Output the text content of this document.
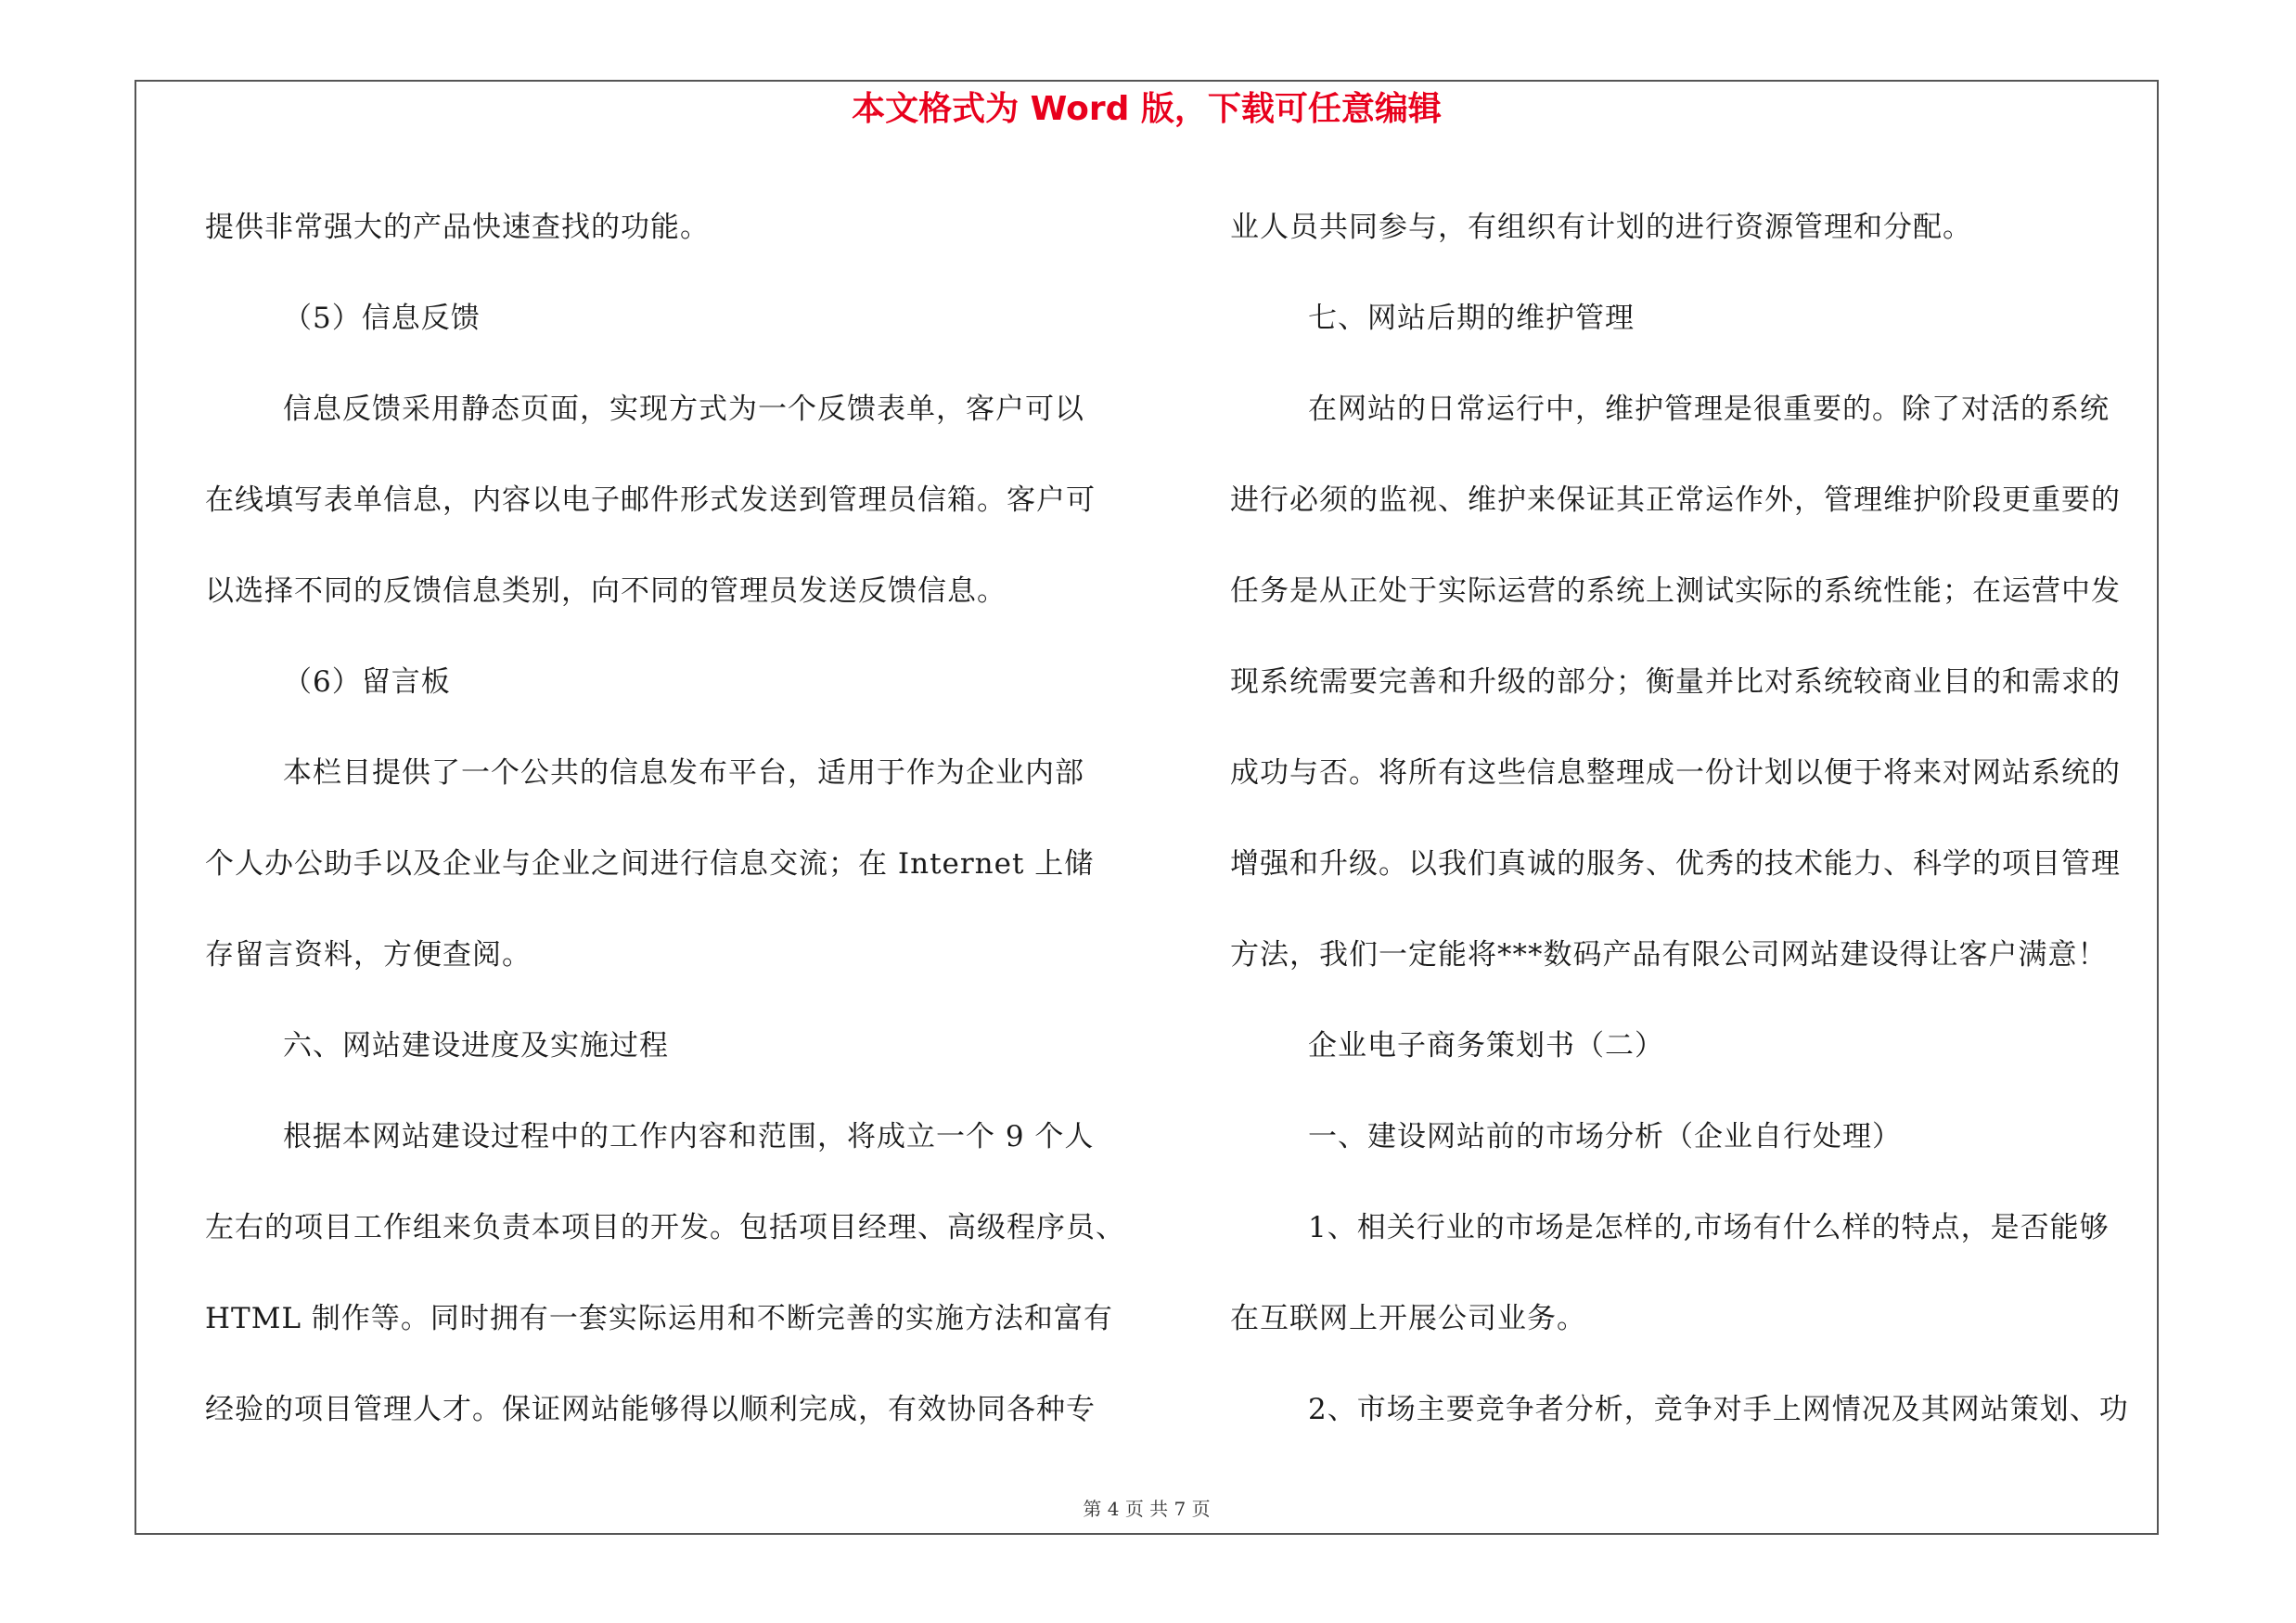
本文格式为 Word 版，下载可任意编辑

提供非常强大的产品快速查找的功能。

（5）信息反馈

信息反馈采用静态页面，实现方式为一个反馈表单，客户可以

在线填写表单信息，内容以电子邮件形式发送到管理员信箱。客户可

以选择不同的反馈信息类别，向不同的管理员发送反馈信息。

（6）留言板

本栏目提供了一个公共的信息发布平台，适用于作为企业内部

个人办公助手以及企业与企业之间进行信息交流；在 Internet 上储

存留言资料，方便查阅。

六、网站建设进度及实施过程

根据本网站建设过程中的工作内容和范围，将成立一个 9 个人

左右的项目工作组来负责本项目的开发。包括项目经理、高级程序员、

HTML 制作等。同时拥有一套实际运用和不断完善的实施方法和富有

经验的项目管理人才。保证网站能够得以顺利完成，有效协同各种专

业人员共同参与，有组织有计划的进行资源管理和分配。

七、网站后期的维护管理

在网站的日常运行中，维护管理是很重要的。除了对活的系统

进行必须的监视、维护来保证其正常运作外，管理维护阶段更重要的

任务是从正处于实际运营的系统上测试实际的系统性能；在运营中发

现系统需要完善和升级的部分；衡量并比对系统较商业目的和需求的

成功与否。将所有这些信息整理成一份计划以便于将来对网站系统的

增强和升级。以我们真诚的服务、优秀的技术能力、科学的项目管理

方法，我们一定能将***数码产品有限公司网站建设得让客户满意！

企业电子商务策划书（二）

一、建设网站前的市场分析（企业自行处理）

1、相关行业的市场是怎样的,市场有什么样的特点，是否能够

在互联网上开展公司业务。

2、市场主要竞争者分析，竞争对手上网情况及其网站策划、功

第 4 页 共 7 页
